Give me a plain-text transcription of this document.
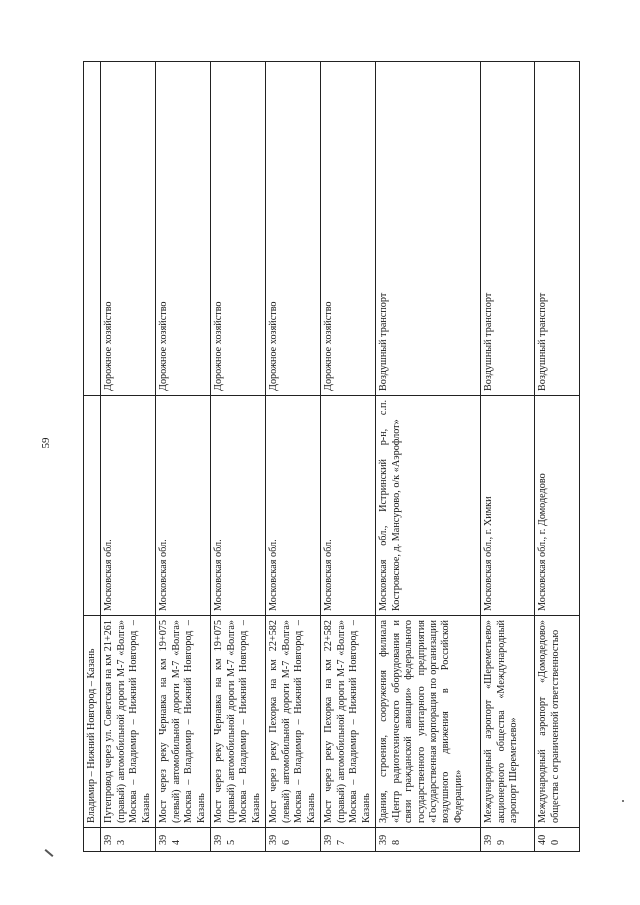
59
	Владимир – Нижний Новгород – Казань		
393	Путепровод через ул. Советская на км 21+261 (правый) автомобильной дороги М-7 «Волга» Москва – Владимир – Нижний Новгород – Казань	Московская обл.	Дорожное хозяйство
394	Мост через реку Чернавка на км 19+075 (левый) автомобильной дороги М-7 «Волга» Москва – Владимир – Нижний Новгород – Казань	Московская обл.	Дорожное хозяйство
395	Мост через реку Чернавка на км 19+075 (правый) автомобильной дороги М-7 «Волга» Москва – Владимир – Нижний Новгород – Казань	Московская обл.	Дорожное хозяйство
396	Мост через реку Пехорка на км 22+582 (левый) автомобильной дороги М-7 «Волга» Москва – Владимир – Нижний Новгород – Казань	Московская обл.	Дорожное хозяйство
397	Мост через реку Пехорка на км 22+582 (правый) автомобильной дороги М-7 «Волга» Москва – Владимир – Нижний Новгород – Казань	Московская обл.	Дорожное хозяйство
398	Здания, строения, сооружения филиала «Центр радиотехнического оборудования и связи гражданской авиации» федерального государственного унитарного предприятия «Государственная корпорация по организации воздушного движения в Российской Федерации»	Московская обл., Истринский р-н, с.п. Костровское, д. Мансурово, о/к «Аэрофлот»	Воздушный транспорт
399	Международный аэропорт «Шереметьево» акционерного общества «Международный аэропорт Шереметьево»	Московская обл., г. Химки	Воздушный транспорт
400	Международный аэропорт «Домодедово» общества с ограниченной ответственностью	Московская обл., г. Домодедово	Воздушный транспорт
